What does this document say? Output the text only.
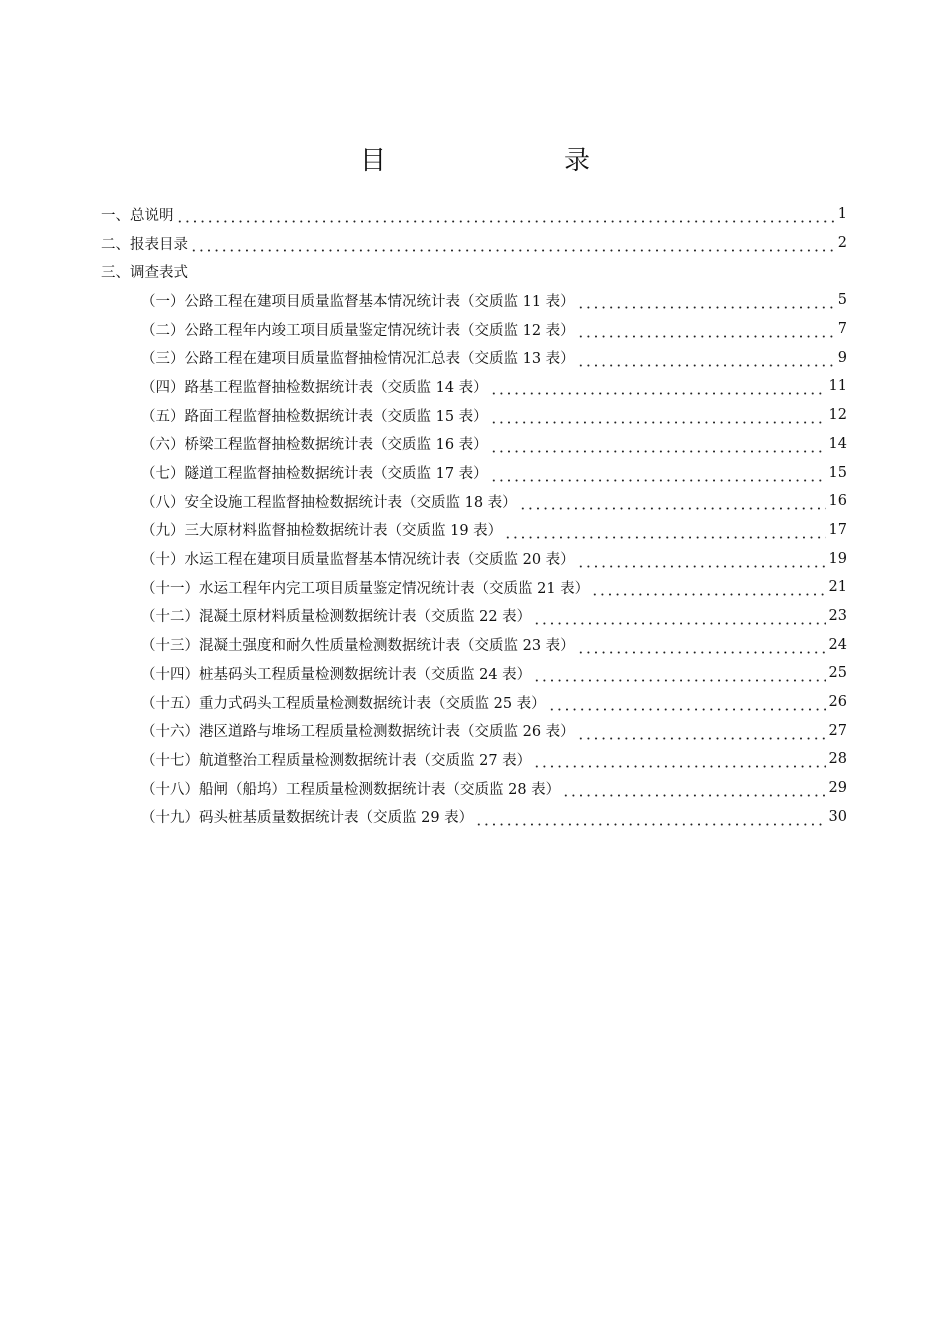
目　　录
一、总说明	1
二、报表目录	2
三、调查表式
（一）公路工程在建项目质量监督基本情况统计表（交质监 11 表）	5
（二）公路工程年内竣工项目质量鉴定情况统计表（交质监 12 表）	7
（三）公路工程在建项目质量监督抽检情况汇总表（交质监 13 表）	9
（四）路基工程监督抽检数据统计表（交质监 14 表）	11
（五）路面工程监督抽检数据统计表（交质监 15 表）	12
（六）桥梁工程监督抽检数据统计表（交质监 16 表）	14
（七）隧道工程监督抽检数据统计表（交质监 17 表）	15
（八）安全设施工程监督抽检数据统计表（交质监 18 表）	16
（九）三大原材料监督抽检数据统计表（交质监 19 表）	17
（十）水运工程在建项目质量监督基本情况统计表（交质监 20 表）	19
（十一）水运工程年内完工项目质量鉴定情况统计表（交质监 21 表）	21
（十二）混凝土原材料质量检测数据统计表（交质监 22 表）	23
（十三）混凝土强度和耐久性质量检测数据统计表（交质监 23 表）	24
（十四）桩基码头工程质量检测数据统计表（交质监 24 表）	25
（十五）重力式码头工程质量检测数据统计表（交质监 25 表）	26
（十六）港区道路与堆场工程质量检测数据统计表（交质监 26 表）	27
（十七）航道整治工程质量检测数据统计表（交质监 27 表）	28
（十八）船闸（船坞）工程质量检测数据统计表（交质监 28 表）	29
（十九）码头桩基质量数据统计表（交质监 29 表）	30
